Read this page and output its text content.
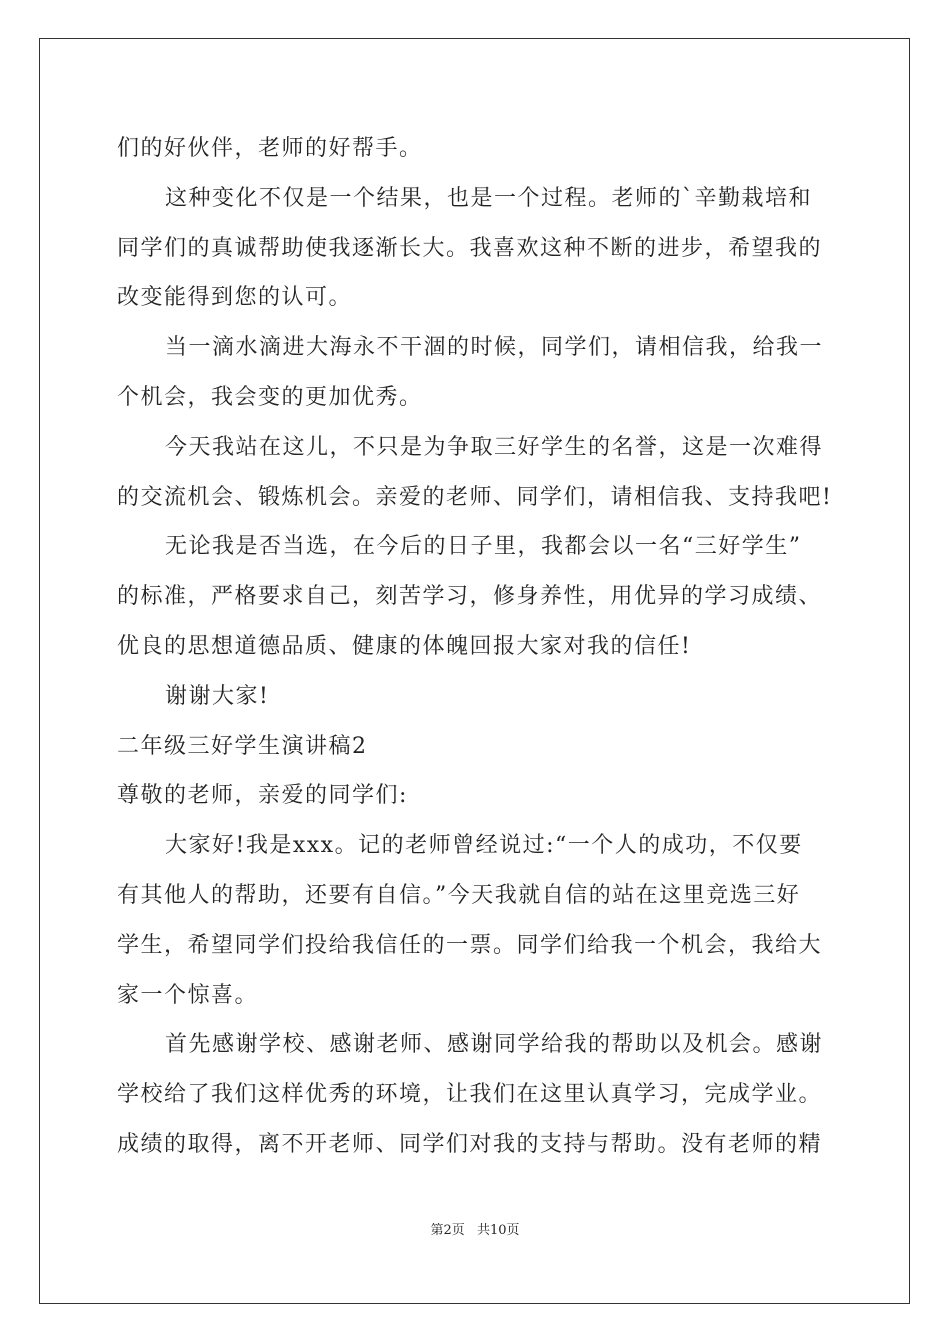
们的好伙伴，老师的好帮手。
这种变化不仅是一个结果，也是一个过程。老师的`辛勤栽培和
同学们的真诚帮助使我逐渐长大。我喜欢这种不断的进步，希望我的
改变能得到您的认可。
当一滴水滴进大海永不干涸的时候，同学们，请相信我，给我一
个机会，我会变的更加优秀。
今天我站在这儿，不只是为争取三好学生的名誉，这是一次难得
的交流机会、锻炼机会。亲爱的老师、同学们，请相信我、支持我吧!
无论我是否当选，在今后的日子里，我都会以一名“三好学生”
的标准，严格要求自己，刻苦学习，修身养性，用优异的学习成绩、
优良的思想道德品质、健康的体魄回报大家对我的信任!
谢谢大家!
二年级三好学生演讲稿2
尊敬的老师，亲爱的同学们:
大家好!我是xxx。记的老师曾经说过:“一个人的成功，不仅要
有其他人的帮助，还要有自信。”今天我就自信的站在这里竞选三好
学生，希望同学们投给我信任的一票。同学们给我一个机会，我给大
家一个惊喜。
首先感谢学校、感谢老师、感谢同学给我的帮助以及机会。感谢
学校给了我们这样优秀的环境，让我们在这里认真学习，完成学业。
成绩的取得，离不开老师、同学们对我的支持与帮助。没有老师的精
第2页 共10页
